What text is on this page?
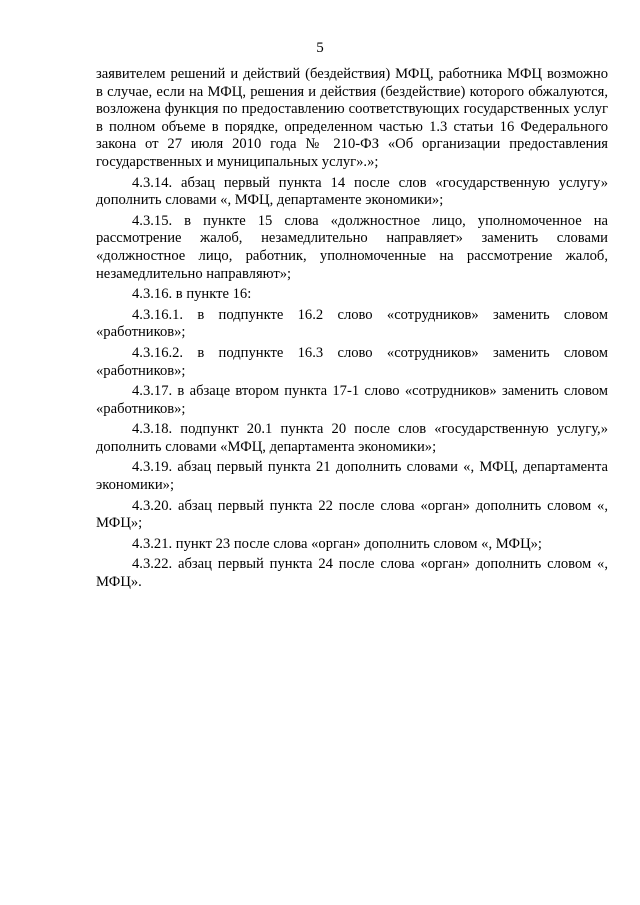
5

заявителем решений и действий (бездействия) МФЦ, работника МФЦ возможно в случае, если на МФЦ, решения и действия (бездействие) которого обжалуются, возложена функция по предоставлению соответствующих государственных услуг в полном объеме в порядке, определенном частью 1.3 статьи 16 Федерального закона от 27 июля 2010 года № 210-ФЗ «Об организации предоставления государственных и муниципальных услуг».»;

4.3.14. абзац первый пункта 14 после слов «государственную услугу» дополнить словами «, МФЦ, департаменте экономики»;

4.3.15. в пункте 15 слова «должностное лицо, уполномоченное на рассмотрение жалоб, незамедлительно направляет» заменить словами «должностное лицо, работник, уполномоченные на рассмотрение жалоб, незамедлительно направляют»;

4.3.16. в пункте 16:

4.3.16.1. в подпункте 16.2 слово «сотрудников» заменить словом «работников»;

4.3.16.2. в подпункте 16.3 слово «сотрудников» заменить словом «работников»;

4.3.17. в абзаце втором пункта 17-1 слово «сотрудников» заменить словом «работников»;

4.3.18. подпункт 20.1 пункта 20 после слов «государственную услугу,» дополнить словами «МФЦ, департамента экономики»;

4.3.19. абзац первый пункта 21 дополнить словами «, МФЦ, департамента экономики»;

4.3.20. абзац первый пункта 22 после слова «орган» дополнить словом «, МФЦ»;

4.3.21. пункт 23 после слова «орган» дополнить словом «, МФЦ»;

4.3.22. абзац первый пункта 24 после слова «орган» дополнить словом «, МФЦ».
